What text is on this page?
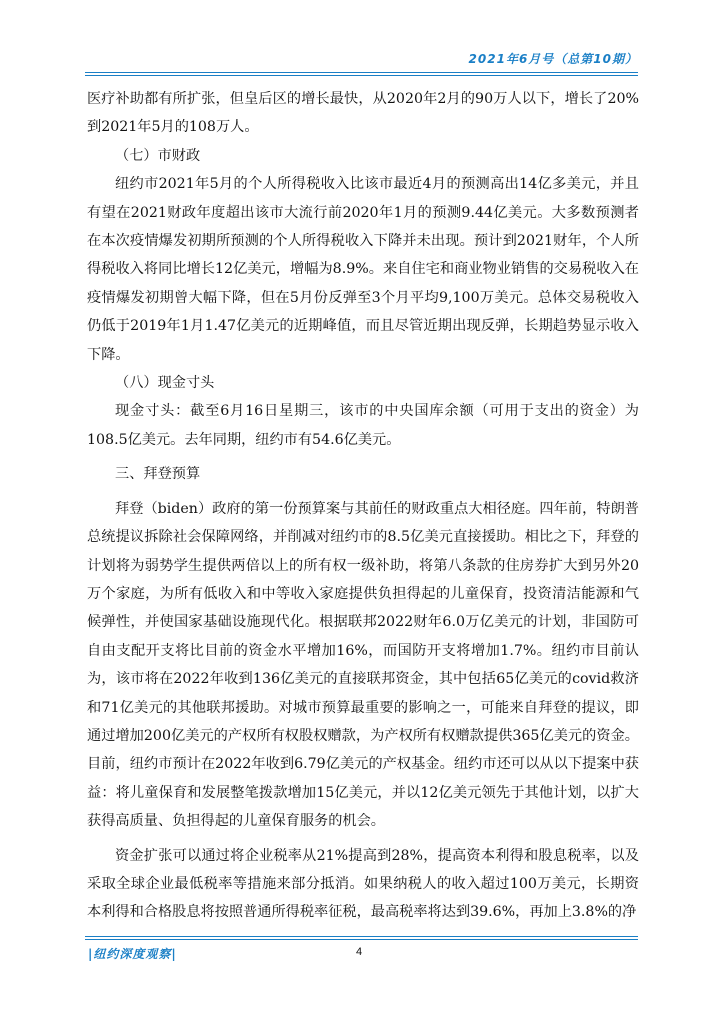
2021年6月号（总第10期）

医疗补助都有所扩张，但皇后区的增长最快，从2020年2月的90万人以下，增长了20%到2021年5月的108万人。

（七）市财政

纽约市2021年5月的个人所得税收入比该市最近4月的预测高出14亿多美元，并且有望在2021财政年度超出该市大流行前2020年1月的预测9.44亿美元。大多数预测者在本次疫情爆发初期所预测的个人所得税收入下降并未出现。预计到2021财年，个人所得税收入将同比增长12亿美元，增幅为8.9%。来自住宅和商业物业销售的交易税收入在疫情爆发初期曾大幅下降，但在5月份反弹至3个月平均9,100万美元。总体交易税收入仍低于2019年1月1.47亿美元的近期峰值，而且尽管近期出现反弹，长期趋势显示收入下降。

（八）现金寸头

现金寸头：截至6月16日星期三，该市的中央国库余额（可用于支出的资金）为108.5亿美元。去年同期，纽约市有54.6亿美元。

三、拜登预算

拜登（biden）政府的第一份预算案与其前任的财政重点大相径庭。四年前，特朗普总统提议拆除社会保障网络，并削减对纽约市的8.5亿美元直接援助。相比之下，拜登的计划将为弱势学生提供两倍以上的所有权一级补助，将第八条款的住房券扩大到另外20万个家庭，为所有低收入和中等收入家庭提供负担得起的儿童保育，投资清洁能源和气候弹性，并使国家基础设施现代化。根据联邦2022财年6.0万亿美元的计划，非国防可自由支配开支将比目前的资金水平增加16%，而国防开支将增加1.7%。纽约市目前认为，该市将在2022年收到136亿美元的直接联邦资金，其中包括65亿美元的covid救济和71亿美元的其他联邦援助。对城市预算最重要的影响之一，可能来自拜登的提议，即通过增加200亿美元的产权所有权股权赠款，为产权所有权赠款提供365亿美元的资金。目前，纽约市预计在2022年收到6.79亿美元的产权基金。纽约市还可以从以下提案中获益：将儿童保育和发展整笔拨款增加15亿美元，并以12亿美元领先于其他计划，以扩大获得高质量、负担得起的儿童保育服务的机会。

资金扩张可以通过将企业税率从21%提高到28%，提高资本利得和股息税率，以及采取全球企业最低税率等措施来部分抵消。如果纳税人的收入超过100万美元，长期资本利得和合格股息将按照普通所得税率征税，最高税率将达到39.6%，再加上3.8%的净

|纽约深度观察|	4
